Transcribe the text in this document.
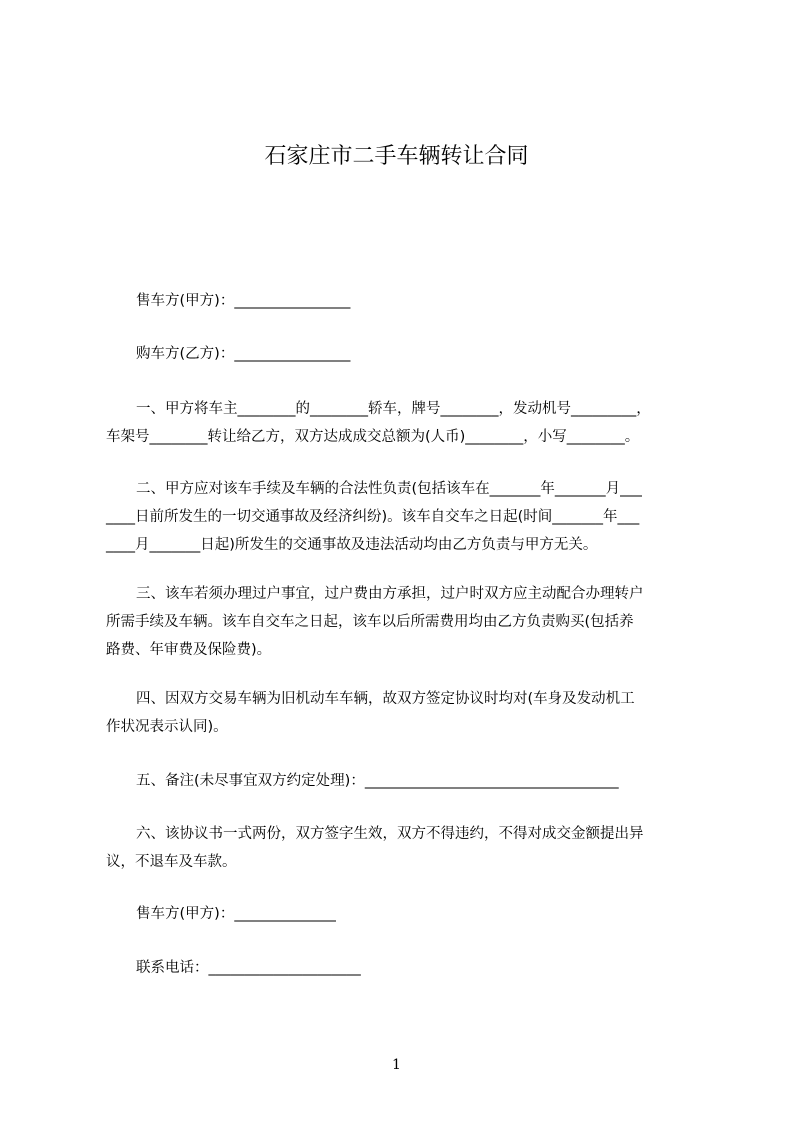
石家庄市二手车辆转让合同

售车方(甲方)：________________

购车方(乙方)：________________

一、甲方将车主________的________轿车，牌号________，发动机号_________，
车架号________转让给乙方，双方达成成交总额为(人币)________，小写________。

二、甲方应对该车手续及车辆的合法性负责(包括该车在_______年_______月___
____日前所发生的一切交通事故及经济纠纷)。该车自交车之日起(时间_______年___
____月_______日起)所发生的交通事故及违法活动均由乙方负责与甲方无关。

三、该车若须办理过户事宜，过户费由方承担，过户时双方应主动配合办理转户
所需手续及车辆。该车自交车之日起，该车以后所需费用均由乙方负责购买(包括养
路费、年审费及保险费)。

四、因双方交易车辆为旧机动车车辆，故双方签定协议时均对(车身及发动机工
作状况表示认同)。

五、备注(未尽事宜双方约定处理)：___________________________________

六、该协议书一式两份，双方签字生效，双方不得违约，不得对成交金额提出异
议，不退车及车款。

售车方(甲方)：______________

联系电话：_____________________

1
